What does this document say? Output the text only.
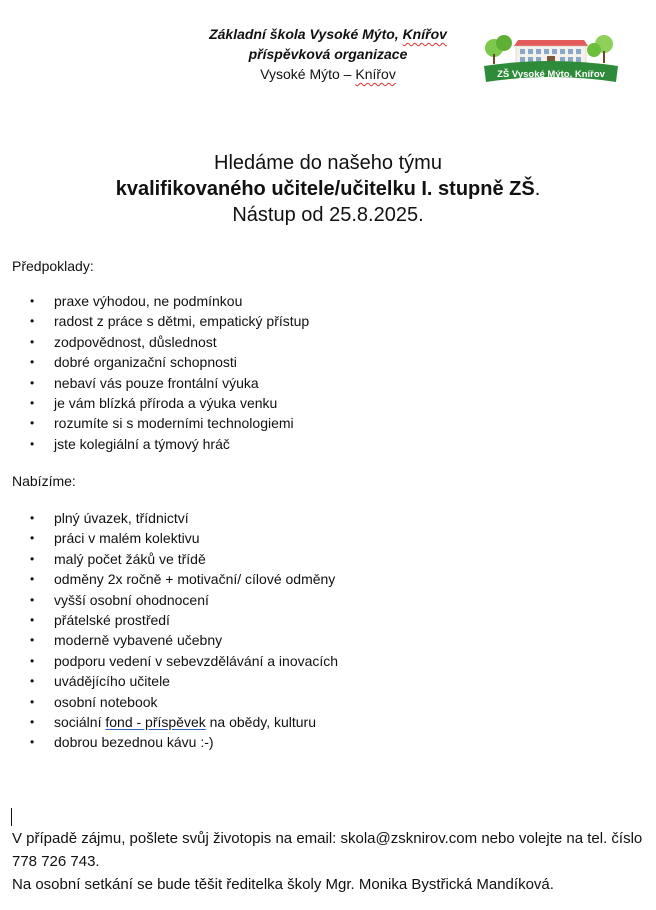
Základní škola Vysoké Mýto, Knířov
příspěvková organizace
Vysoké Mýto – Knířov	ZŠ Vysoké Mýto, Knířov
Hledáme do našeho týmu
kvalifikovaného učitele/učitelku I. stupně ZŠ.
Nástup od 25.8.2025.
Předpoklady:
• praxe výhodou, ne podmínkou
• radost z práce s dětmi, empatický přístup
• zodpovědnost, důslednost
• dobré organizační schopnosti
• nebaví vás pouze frontální výuka
• je vám blízká příroda a výuka venku
• rozumíte si s moderními technologiemi
• jste kolegiální a týmový hráč
Nabízíme:
• plný úvazek, třídnictví
• práci v malém kolektivu
• malý počet žáků ve třídě
• odměny 2x ročně + motivační/ cílové odměny
• vyšší osobní ohodnocení
• přátelské prostředí
• moderně vybavené učebny
• podporu vedení v sebevzdělávání a inovacích
• uvádějícího učitele
• osobní notebook
• sociální fond - příspěvek na obědy, kulturu
• dobrou bezednou kávu :-)
V případě zájmu, pošlete svůj životopis na email: skola@zsknirov.com nebo volejte na tel. číslo 778 726 743.
Na osobní setkání se bude těšit ředitelka školy Mgr. Monika Bystřická Mandíková.
